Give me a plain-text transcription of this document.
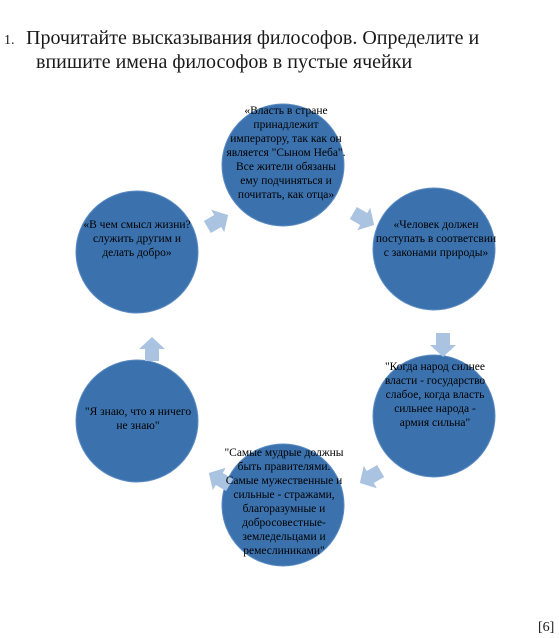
1. Прочитайте высказывания философов. Определите и
впишите имена философов в пустые ячейки
«Власть в стране принадлежит императору, так как он является "Сыном Неба". Все жители обязаны ему подчиняться и почитать, как отца»
«Человек должен поступать в соответсвии с законами природы»
"Когда народ силнее власти - государство слабое, когда власть сильнее народа - армия сильна"
"Самые мудрые должны быть правителями. Самые мужественные и сильные - стражами, благоразумные и добросовестные- земледельцами и ремеслиниками"
"Я знаю, что я ничего не знаю"
«В чем смысл жизни? служить другим и делать добро»
[6]
